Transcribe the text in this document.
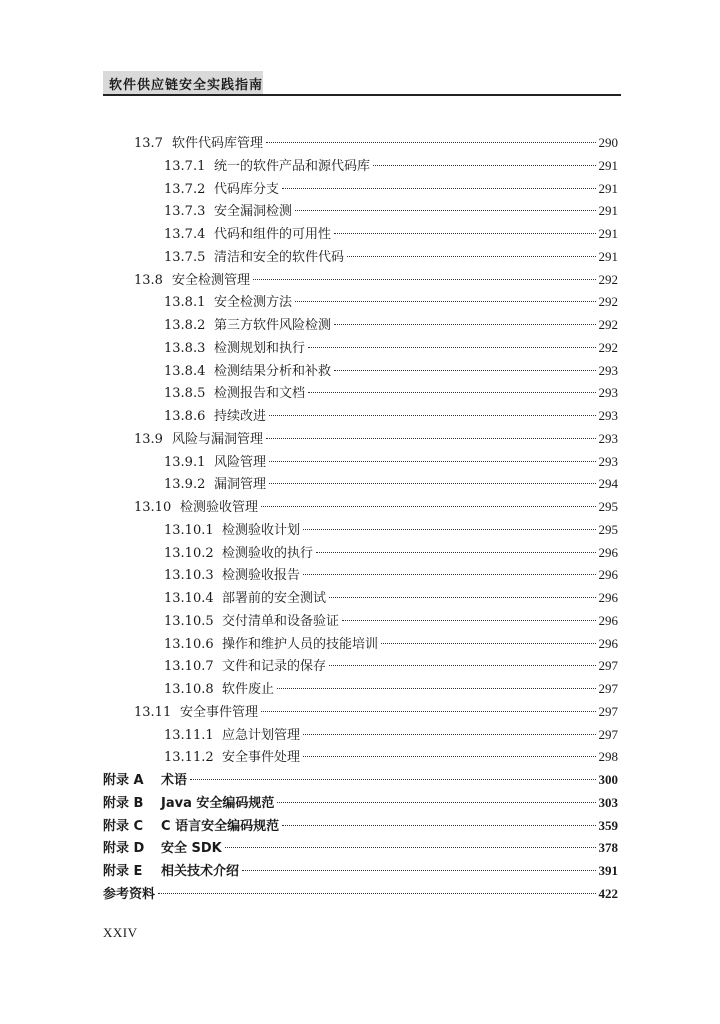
软件供应链安全实践指南
13.7 软件代码库管理	290
13.7.1 统一的软件产品和源代码库	291
13.7.2 代码库分支	291
13.7.3 安全漏洞检测	291
13.7.4 代码和组件的可用性	291
13.7.5 清洁和安全的软件代码	291
13.8 安全检测管理	292
13.8.1 安全检测方法	292
13.8.2 第三方软件风险检测	292
13.8.3 检测规划和执行	292
13.8.4 检测结果分析和补救	293
13.8.5 检测报告和文档	293
13.8.6 持续改进	293
13.9 风险与漏洞管理	293
13.9.1 风险管理	293
13.9.2 漏洞管理	294
13.10 检测验收管理	295
13.10.1 检测验收计划	295
13.10.2 检测验收的执行	296
13.10.3 检测验收报告	296
13.10.4 部署前的安全测试	296
13.10.5 交付清单和设备验证	296
13.10.6 操作和维护人员的技能培训	296
13.10.7 文件和记录的保存	297
13.10.8 软件废止	297
13.11 安全事件管理	297
13.11.1 应急计划管理	297
13.11.2 安全事件处理	298
附录 A	术语	300
附录 B	Java 安全编码规范	303
附录 C	C 语言安全编码规范	359
附录 D	安全 SDK	378
附录 E	相关技术介绍	391
参考资料	422
XXIV
